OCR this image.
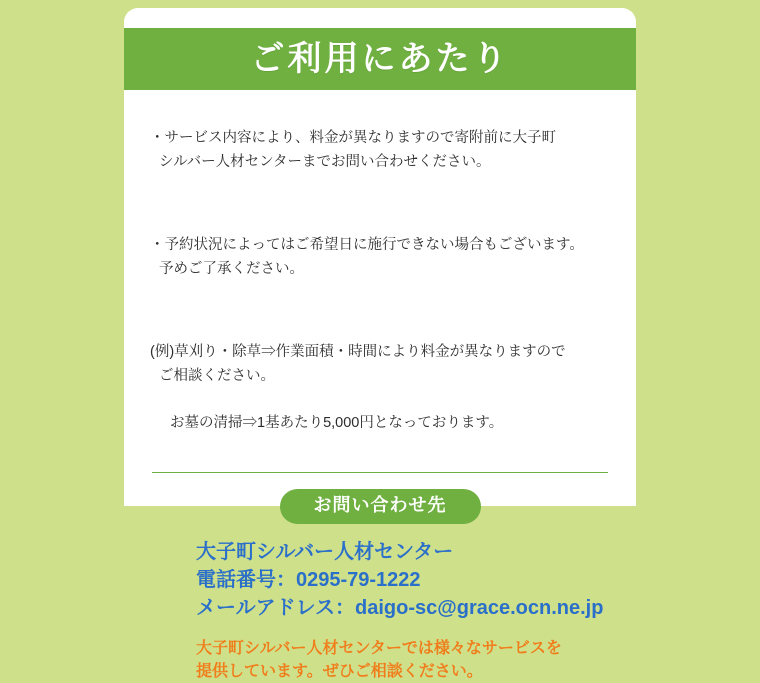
ご利用にあたり

・サービス内容により、料金が異なりますので寄附前に大子町

シルバー人材センターまでお問い合わせください。

・予約状況によってはご希望日に施行できない場合もございます。

予めご了承ください。

(例)草刈り・除草⇒作業面積・時間により料金が異なりますので

ご相談ください。

お墓の清掃⇒1基あたり5,000円となっております。

お問い合わせ先
大子町シルバー人材センター
電話番号：0295-79-1222
メールアドレス：daigo-sc@grace.ocn.ne.jp
大子町シルバー人材センターでは様々なサービスを
提供しています。ぜひご相談ください。
